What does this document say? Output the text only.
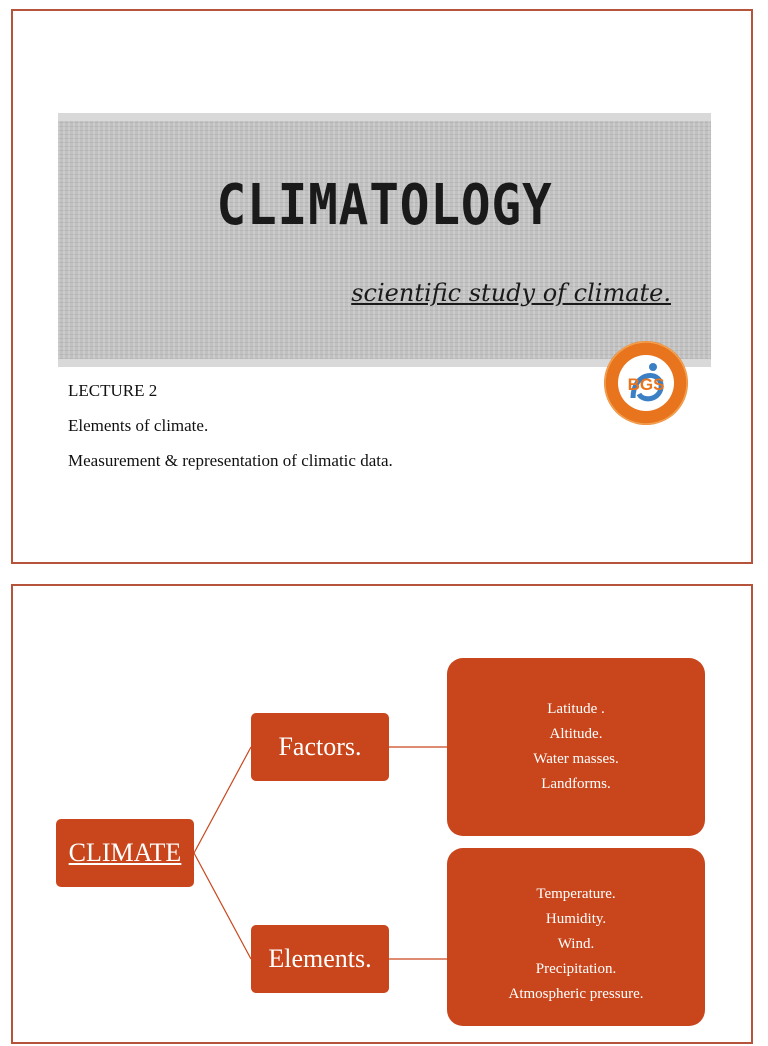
CLIMATOLOGY
scientific study of climate.
BGS
LECTURE 2
Elements of climate.
Measurement & representation of climatic data.
CLIMATE
Factors.
Elements.
Latitude .
Altitude.
Water masses.
Landforms.
Temperature.
Humidity.
Wind.
Precipitation.
Atmospheric pressure.
